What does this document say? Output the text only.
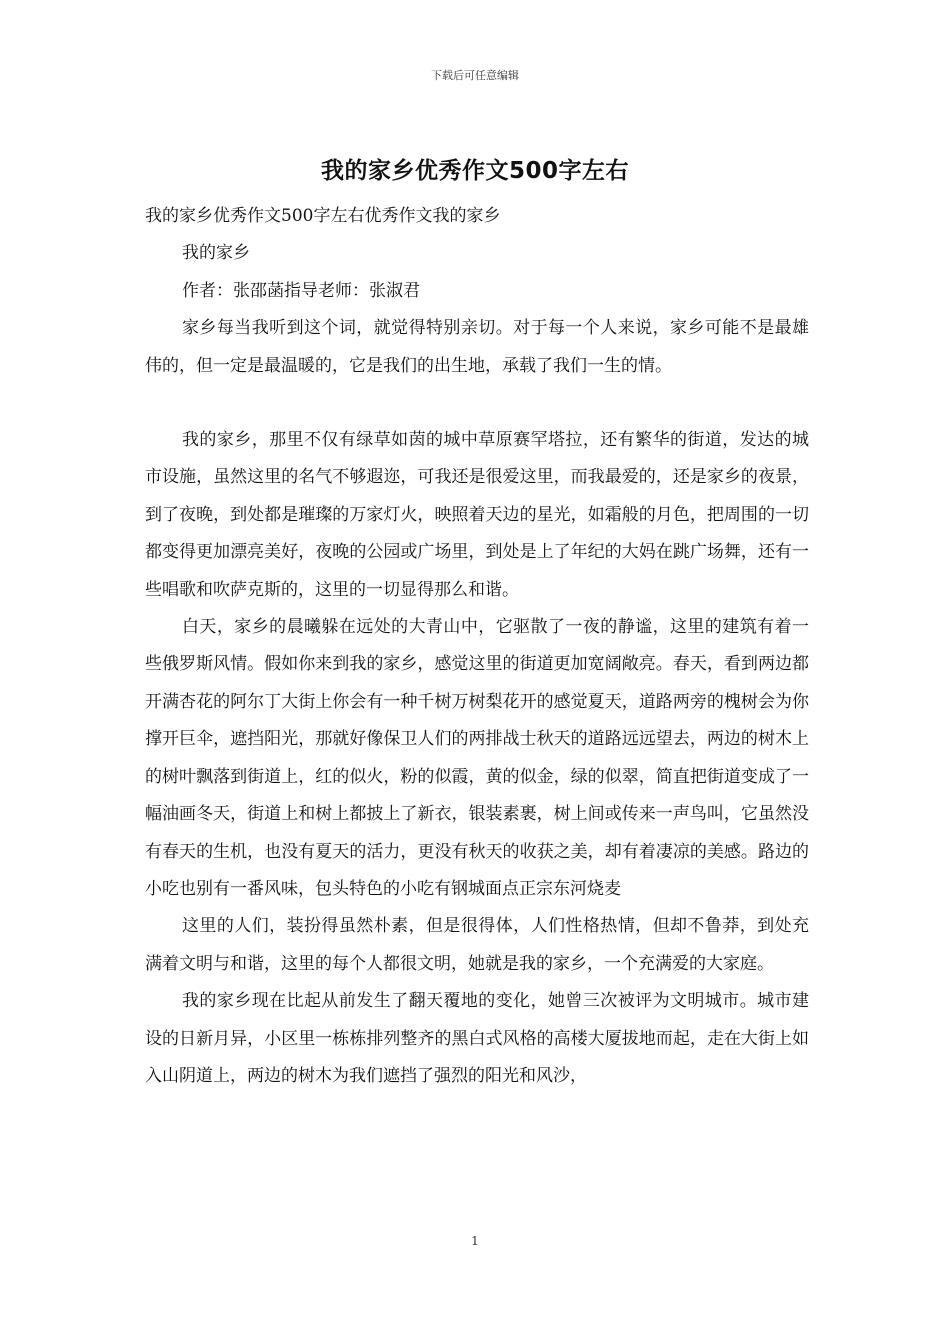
下载后可任意编辑
我的家乡优秀作文500字左右

我的家乡优秀作文500字左右优秀作文我的家乡

我的家乡

作者：张邵菡指导老师：张淑君

家乡每当我听到这个词，就觉得特别亲切。对于每一个人来说，家乡可能不是最雄伟的，但一定是最温暖的，它是我们的出生地，承载了我们一生的情。

我的家乡，那里不仅有绿草如茵的城中草原赛罕塔拉，还有繁华的街道，发达的城市设施，虽然这里的名气不够遐迩，可我还是很爱这里，而我最爱的，还是家乡的夜景，到了夜晚，到处都是璀璨的万家灯火，映照着天边的星光，如霜般的月色，把周围的一切都变得更加漂亮美好，夜晚的公园或广场里，到处是上了年纪的大妈在跳广场舞，还有一些唱歌和吹萨克斯的，这里的一切显得那么和谐。

白天，家乡的晨曦躲在远处的大青山中，它驱散了一夜的静谧，这里的建筑有着一些俄罗斯风情。假如你来到我的家乡，感觉这里的街道更加宽阔敞亮。春天，看到两边都开满杏花的阿尔丁大街上你会有一种千树万树梨花开的感觉夏天，道路两旁的槐树会为你撑开巨伞，遮挡阳光，那就好像保卫人们的两排战士秋天的道路远远望去，两边的树木上的树叶飘落到街道上，红的似火，粉的似霞，黄的似金，绿的似翠，简直把街道变成了一幅油画冬天，街道上和树上都披上了新衣，银装素裹，树上间或传来一声鸟叫，它虽然没有春天的生机，也没有夏天的活力，更没有秋天的收获之美，却有着凄凉的美感。路边的小吃也别有一番风味，包头特色的小吃有钢城面点正宗东河烧麦

这里的人们，装扮得虽然朴素，但是很得体，人们性格热情，但却不鲁莽，到处充满着文明与和谐，这里的每个人都很文明，她就是我的家乡，一个充满爱的大家庭。

我的家乡现在比起从前发生了翻天覆地的变化，她曾三次被评为文明城市。城市建设的日新月异，小区里一栋栋排列整齐的黑白式风格的高楼大厦拔地而起，走在大街上如入山阴道上，两边的树木为我们遮挡了强烈的阳光和风沙，

1
